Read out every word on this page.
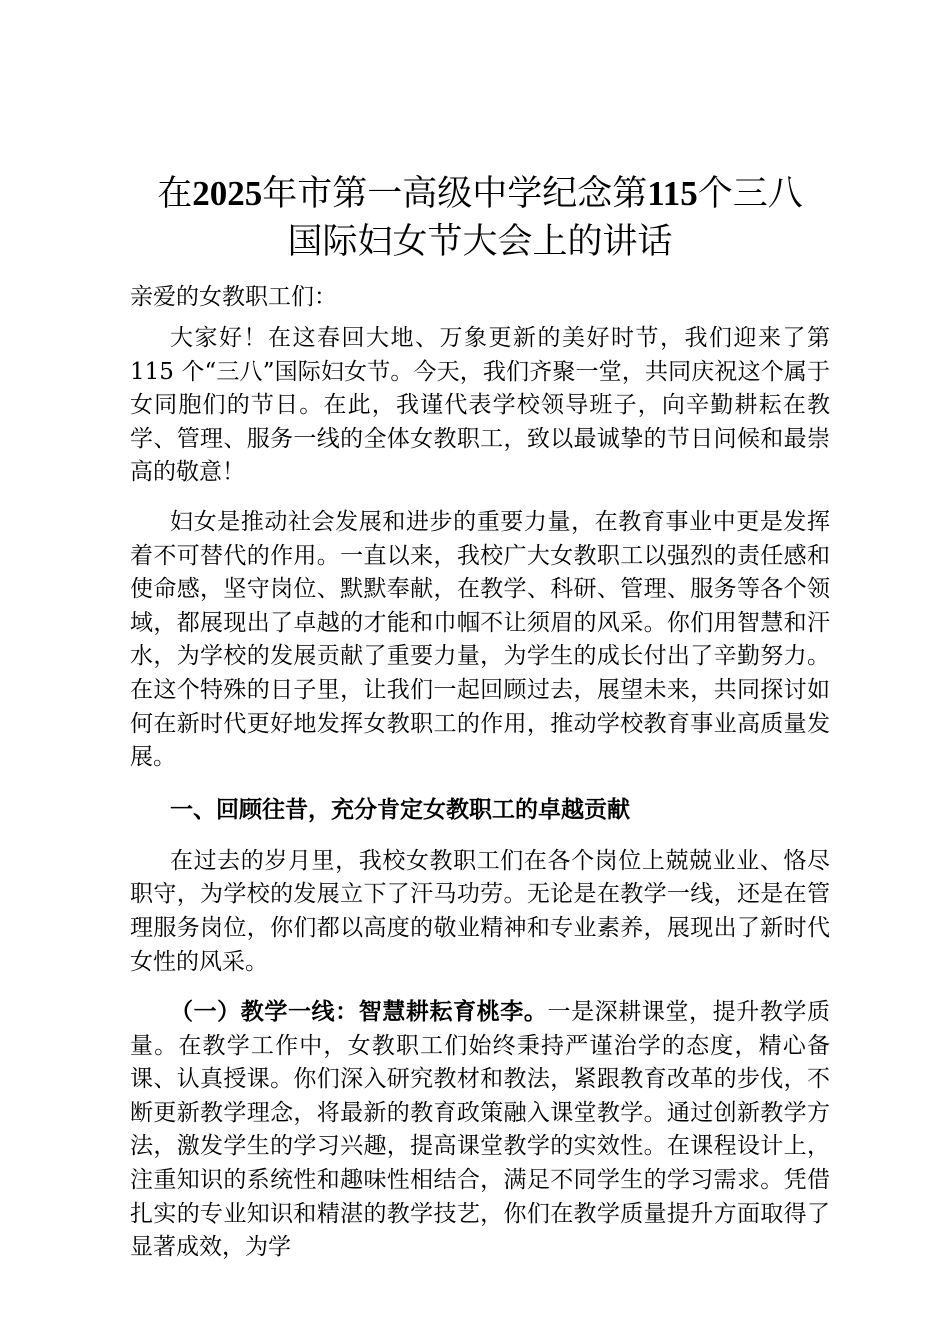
在2025年市第一高级中学纪念第115个三八
国际妇女节大会上的讲话

亲爱的女教职工们：

大家好！在这春回大地、万象更新的美好时节，我们迎来了第 115 个“三八”国际妇女节。今天，我们齐聚一堂，共同庆祝这个属于女同胞们的节日。在此，我谨代表学校领导班子，向辛勤耕耘在教学、管理、服务一线的全体女教职工，致以最诚挚的节日问候和最崇高的敬意！

妇女是推动社会发展和进步的重要力量，在教育事业中更是发挥着不可替代的作用。一直以来，我校广大女教职工以强烈的责任感和使命感，坚守岗位、默默奉献，在教学、科研、管理、服务等各个领域，都展现出了卓越的才能和巾帼不让须眉的风采。你们用智慧和汗水，为学校的发展贡献了重要力量，为学生的成长付出了辛勤努力。在这个特殊的日子里，让我们一起回顾过去，展望未来，共同探讨如何在新时代更好地发挥女教职工的作用，推动学校教育事业高质量发展。

一、回顾往昔，充分肯定女教职工的卓越贡献

在过去的岁月里，我校女教职工们在各个岗位上兢兢业业、恪尽职守，为学校的发展立下了汗马功劳。无论是在教学一线，还是在管理服务岗位，你们都以高度的敬业精神和专业素养，展现出了新时代女性的风采。

（一）教学一线：智慧耕耘育桃李。一是深耕课堂，提升教学质量。在教学工作中，女教职工们始终秉持严谨治学的态度，精心备课、认真授课。你们深入研究教材和教法，紧跟教育改革的步伐，不断更新教学理念，将最新的教育政策融入课堂教学。通过创新教学方法，激发学生的学习兴趣，提高课堂教学的实效性。在课程设计上，注重知识的系统性和趣味性相结合，满足不同学生的学习需求。凭借扎实的专业知识和精湛的教学技艺，你们在教学质量提升方面取得了显著成效，为学
